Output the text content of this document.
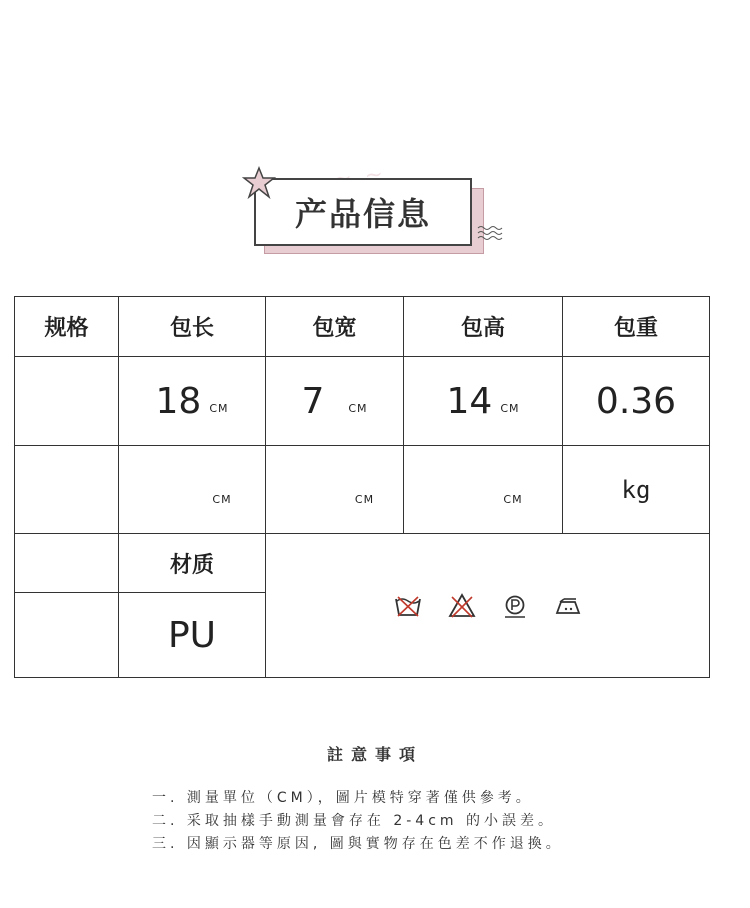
产品信息
规格	包长	包宽	包高	包重
	18 CM	7 CM	14 CM	0.36
	CM	CM	CM	kg
	材质	

	PU			
註意事項
一. 測量單位（CM），圖片模特穿著僅供參考。
二. 采取抽樣手動測量會存在 2-4cm 的小誤差。
三. 因顯示器等原因, 圖與實物存在色差不作退換。
